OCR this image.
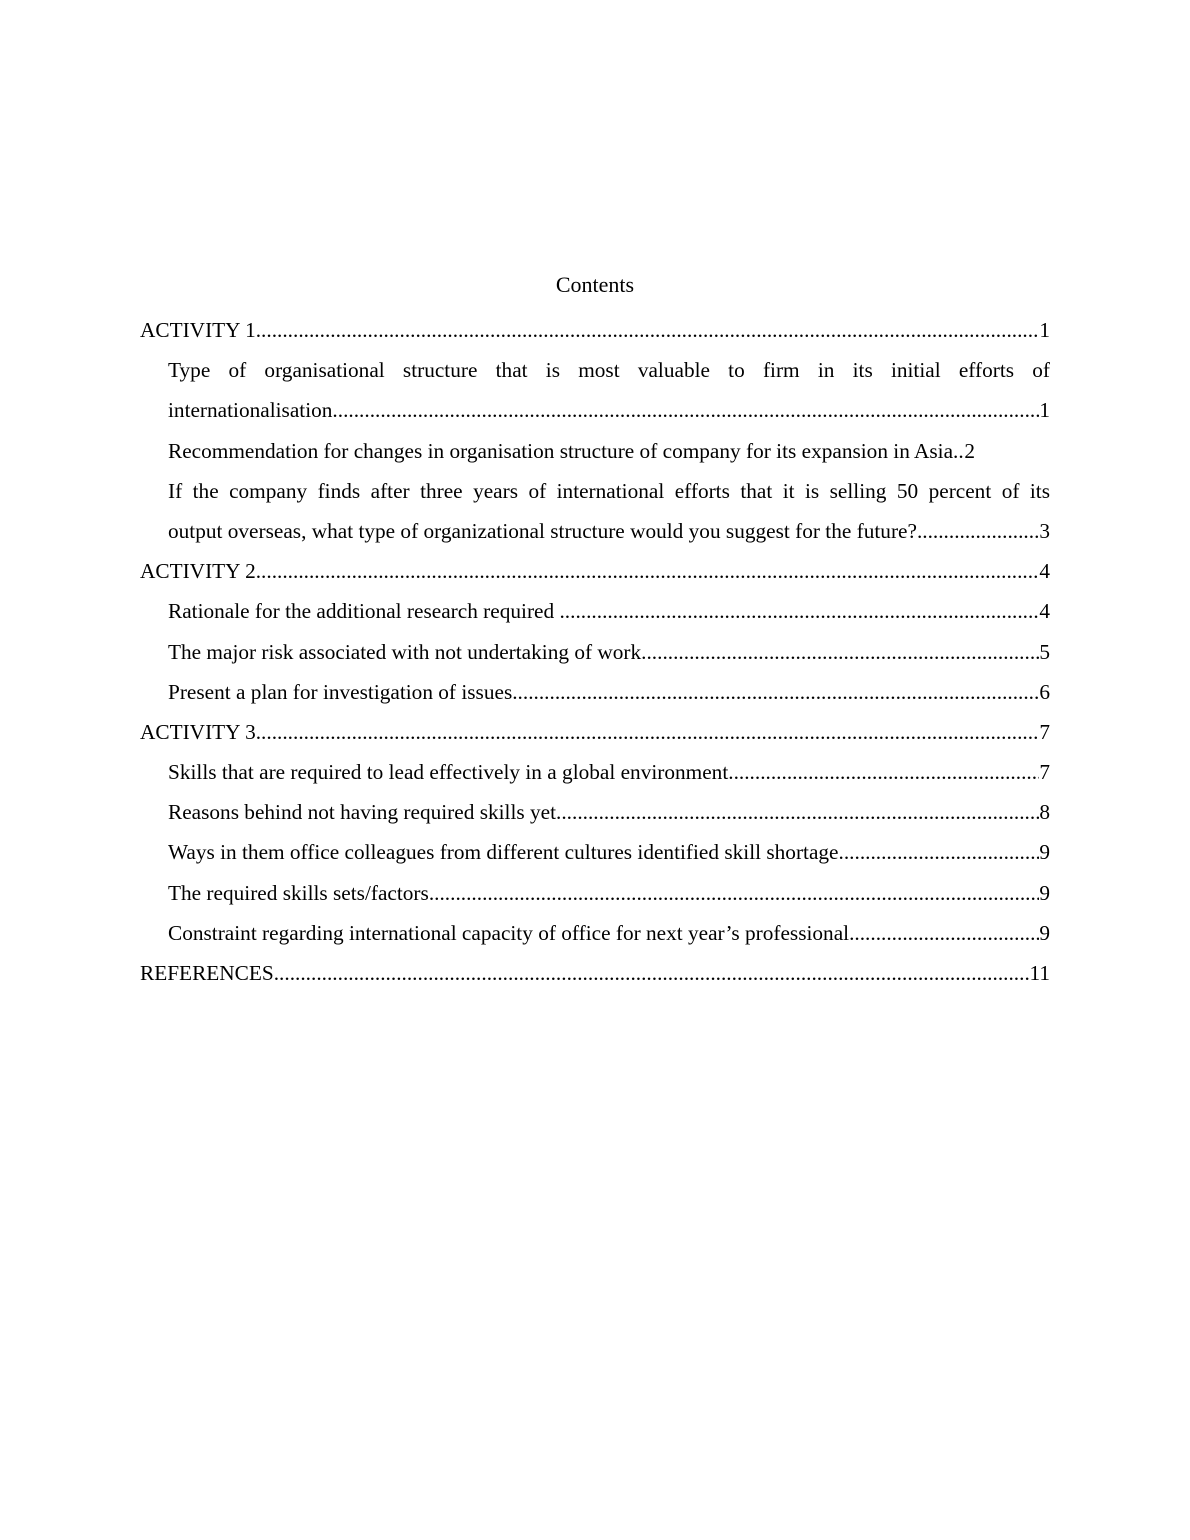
Contents
ACTIVITY 1 .....	1
Type of organisational structure that is most valuable to firm in its initial efforts of
internationalisation .....	1
Recommendation for changes in organisation structure of company for its expansion in Asia. ..... 2
If the company finds after three years of international efforts that it is selling 50 percent of its
output overseas, what type of organizational structure would you suggest for the future? .....	3
ACTIVITY 2 .....	4
Rationale for the additional research required .....	4
The major risk associated with not undertaking of work .....	5
Present a plan for investigation of issues .....	6
ACTIVITY 3 .....	7
Skills that are required to lead effectively in a global environment .....	7
Reasons behind not having required skills yet .....	8
Ways in them office colleagues from different cultures identified skill shortage .....	9
The required skills sets/factors .....	9
Constraint regarding international capacity of office for next year’s professional .....	9
REFERENCES .....	11
